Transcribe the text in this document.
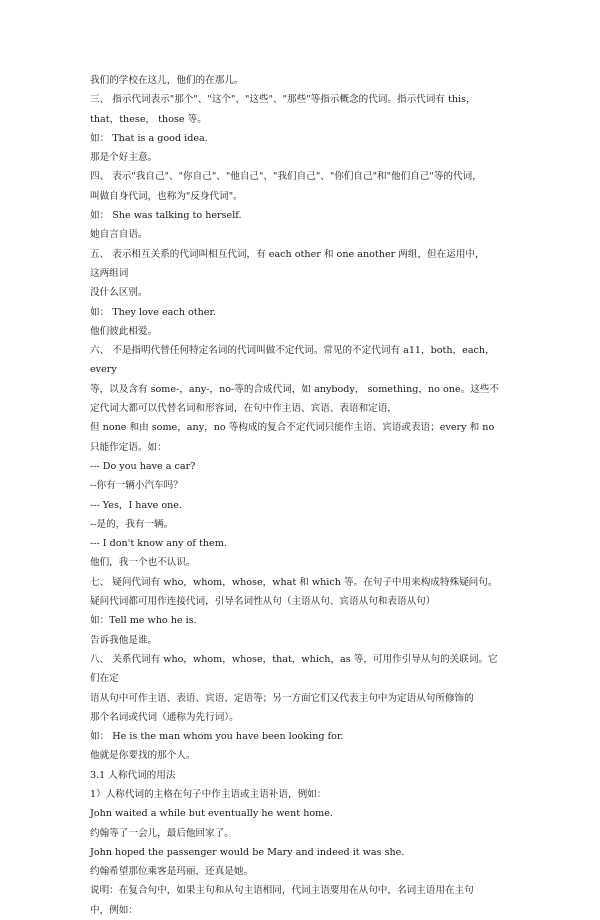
我们的学校在这儿，他们的在那儿。
三、 指示代词表示"那个"、"这个"、"这些"、"那些"等指示概念的代词。指示代词有 this，
that，these， those 等。
如： That is a good idea.
那是个好主意。
四、 表示"我自己"、"你自己"、"他自己"、"我们自己"、"你们自己"和"他们自己"等的代词，
叫做自身代词，也称为"反身代词"。
如： She was talking to herself.
她自言自语。
五、 表示相互关系的代词叫相互代词，有 each other 和 one another 两组，但在运用中，
这两组词
没什么区别。
如： They love each other.
他们彼此相爱。
六、 不是指明代替任何特定名词的代词叫做不定代词。常见的不定代词有 a11，both，each，
every
等，以及含有 some-，any-，no-等的合成代词，如 anybody， something，no one。这些不
定代词大都可以代替名词和形容词，在句中作主语、宾语、表语和定语，
但 none 和由 some，any，no 等构成的复合不定代词只能作主语、宾语或表语；every 和 no
只能作定语。如：
--- Do you have a car?
--你有一辆小汽车吗？
--- Yes，I have one.
--是的，我有一辆。
--- I don't know any of them.
他们，我一个也不认识。
七、 疑问代词有 who，whom，whose，what 和 which 等。在句子中用来构成特殊疑问句。
疑问代词都可用作连接代词，引导名词性从句（主语从句、宾语从句和表语从句）
如：Tell me who he is.
告诉我他是谁。
八、 关系代词有 who，whom，whose，that，which，as 等，可用作引导从句的关联词。它
们在定
语从句中可作主语、表语、宾语、定语等；另一方面它们又代表主句中为定语从句所修饰的
那个名词或代词（通称为先行词）。
如： He is the man whom you have been looking for.
他就是你要找的那个人。
3.1 人称代词的用法
1）人称代词的主格在句子中作主语或主语补语，例如：
John waited a while but eventually he went home.
约翰等了一会儿，最后他回家了。
John hoped the passenger would be Mary and indeed it was she.
约翰希望那位乘客是玛丽，还真是她。
说明：在复合句中，如果主句和从句主语相同，代词主语要用在从句中，名词主语用在主句
中，例如：
